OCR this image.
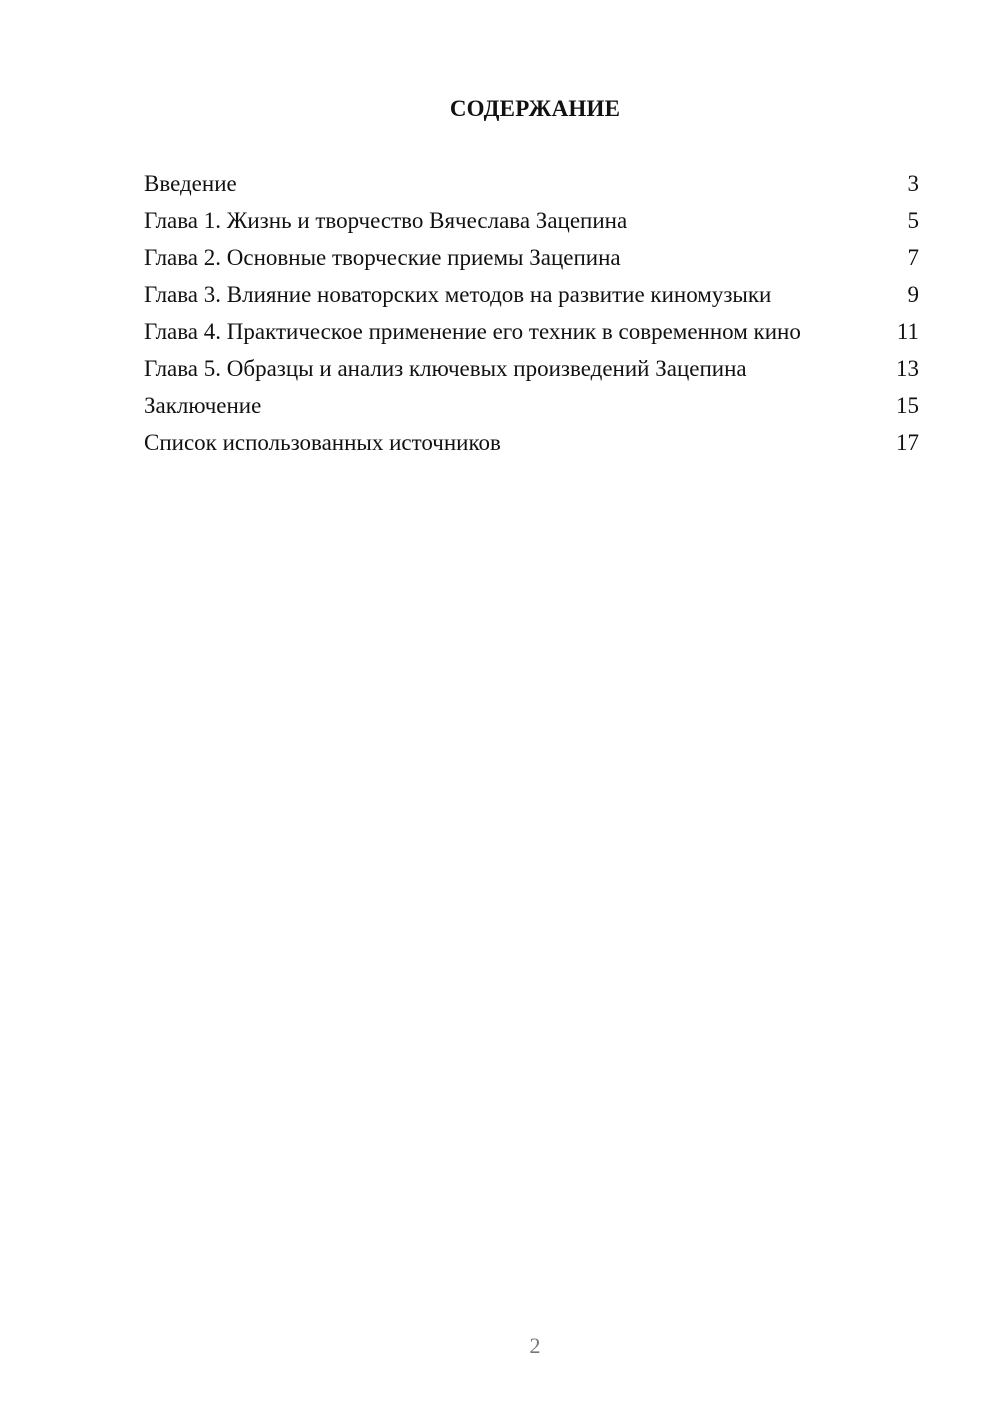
СОДЕРЖАНИЕ
Введение	3
Глава 1. Жизнь и творчество Вячеслава Зацепина	5
Глава 2. Основные творческие приемы Зацепина	7
Глава 3. Влияние новаторских методов на развитие киномузыки	9
Глава 4. Практическое применение его техник в современном кино	11
Глава 5. Образцы и анализ ключевых произведений Зацепина	13
Заключение	15
Список использованных источников	17
2
